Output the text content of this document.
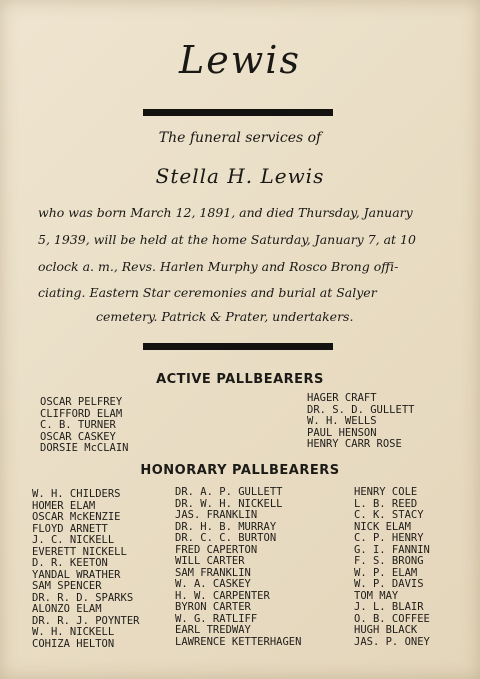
Lewis
The funeral services of
Stella H. Lewis
who was born March 12, 1891, and died Thursday, January
5, 1939, will be held at the home Saturday, January 7, at 10
oclock a. m., Revs. Harlen Murphy and Rosco Brong offi-
ciating. Eastern Star ceremonies and burial at Salyer
cemetery. Patrick & Prater, undertakers.
ACTIVE PALLBEARERS
OSCAR PELFREY
CLIFFORD ELAM
C. B. TURNER
OSCAR CASKEY
DORSIE McCLAIN
HAGER CRAFT
DR. S. D. GULLETT
W. H. WELLS
PAUL HENSON
HENRY CARR ROSE
HONORARY PALLBEARERS
W. H. CHILDERS
HOMER ELAM
OSCAR McKENZIE
FLOYD ARNETT
J. C. NICKELL
EVERETT NICKELL
D. R. KEETON
YANDAL WRATHER
SAM SPENCER
DR. R. D. SPARKS
ALONZO ELAM
DR. R. J. POYNTER
W. H. NICKELL
COHIZA HELTON
DR. A. P. GULLETT
DR. W. H. NICKELL
JAS. FRANKLIN
DR. H. B. MURRAY
DR. C. C. BURTON
FRED CAPERTON
WILL CARTER
SAM FRANKLIN
W. A. CASKEY
H. W. CARPENTER
BYRON CARTER
W. G. RATLIFF
EARL TREDWAY
LAWRENCE KETTERHAGEN
HENRY COLE
L. B. REED
C. K. STACY
NICK ELAM
C. P. HENRY
G. I. FANNIN
F. S. BRONG
W. P. ELAM
W. P. DAVIS
TOM MAY
J. L. BLAIR
O. B. COFFEE
HUGH BLACK
JAS. P. ONEY
